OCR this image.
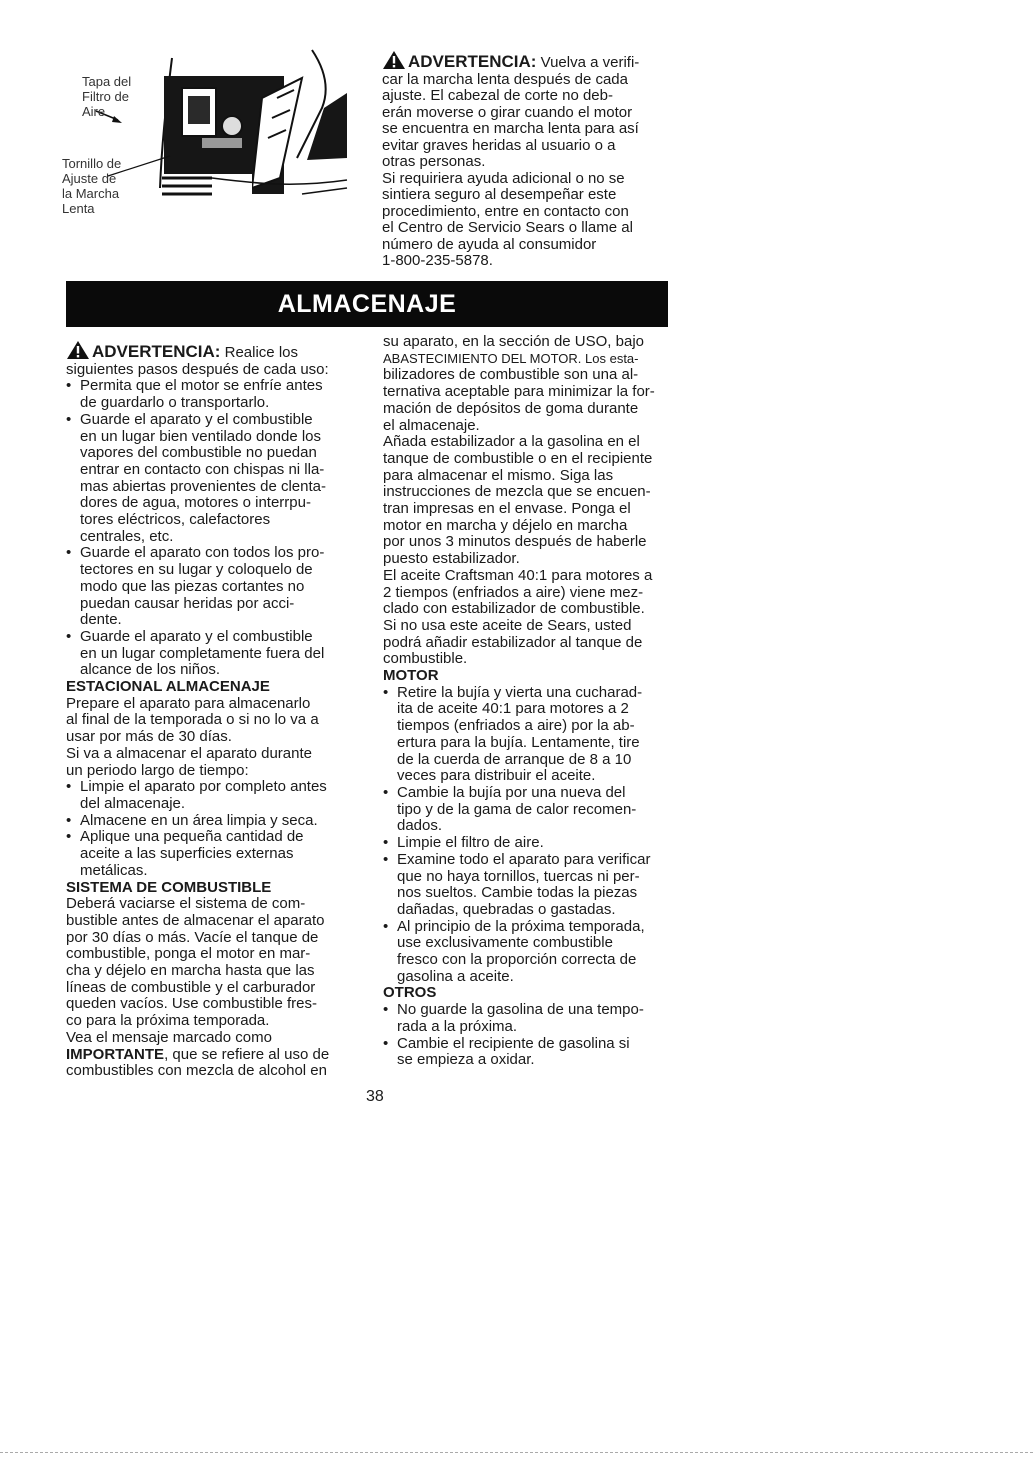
Tapa del
Filtro de
Aire
Tornillo de
Ajuste de
la Marcha
Lenta
ADVERTENCIA: Vuelva a verifi-
car la marcha lenta después de cada
ajuste. El cabezal de corte no deb-
erán moverse o girar cuando el motor
se encuentra en marcha lenta para así
evitar graves heridas al usuario o a
otras personas.
Si requiriera ayuda adicional o no se
sintiera seguro al desempeñar este
procedimiento, entre en contacto con
el Centro de Servicio Sears o llame al
número de ayuda al consumidor
1-800-235-5878.
ALMACENAJE

ADVERTENCIA: Realice los

siguientes pasos después de cada uso:

• Permita que el motor se enfríe antes
de guardarlo o transportarlo.
• Guarde el aparato y el combustible
en un lugar bien ventilado donde los
vapores del combustible no puedan
entrar en contacto con chispas ni lla-
mas abiertas provenientes de clenta-
dores de agua, motores o interrpu-
tores eléctricos, calefactores
centrales, etc.
• Guarde el aparato con todos los pro-
tectores en su lugar y coloquelo de
modo que las piezas cortantes no
puedan causar heridas por acci-
dente.
• Guarde el aparato y el combustible
en un lugar completamente fuera del
alcance de los niños.

ESTACIONAL ALMACENAJE

Prepare el aparato para almacenarlo

al final de la temporada o si no lo va a

usar por más de 30 días.

Si va a almacenar el aparato durante

un periodo largo de tiempo:

• Limpie el aparato por completo antes
del almacenaje.
• Almacene en un área limpia y seca.
• Aplique una pequeña cantidad de
aceite a las superficies externas
metálicas.

SISTEMA DE COMBUSTIBLE

Deberá vaciarse el sistema de com-

bustible antes de almacenar el aparato

por 30 días o más. Vacíe el tanque de

combustible, ponga el motor en mar-

cha y déjelo en marcha hasta que las

líneas de combustible y el carburador

queden vacíos. Use combustible fres-

co para la próxima temporada.

Vea el mensaje marcado como

IMPORTANTE, que se refiere al uso de

combustibles con mezcla de alcohol en

su aparato, en la sección de USO, bajo

ABASTECIMIENTO DEL MOTOR. Los esta-

bilizadores de combustible son una al-

ternativa aceptable para minimizar la for-

mación de depósitos de goma durante

el almacenaje.

Añada estabilizador a la gasolina en el

tanque de combustible o en el recipiente

para almacenar el mismo. Siga las

instrucciones de mezcla que se encuen-

tran impresas en el envase. Ponga el

motor en marcha y déjelo en marcha

por unos 3 minutos después de haberle

puesto estabilizador.

El aceite Craftsman 40:1 para motores a

2 tiempos (enfriados a aire) viene mez-

clado con estabilizador de combustible.

Si no usa este aceite de Sears, usted

podrá añadir estabilizador al tanque de

combustible.

MOTOR

• Retire la bujía y vierta una cucharad-
ita de aceite 40:1 para motores a 2
tiempos (enfriados a aire) por la ab-
ertura para la bujía. Lentamente, tire
de la cuerda de arranque de 8 a 10
veces para distribuir el aceite.
• Cambie la bujía por una nueva del
tipo y de la gama de calor recomen-
dados.
• Limpie el filtro de aire.
• Examine todo el aparato para verificar
que no haya tornillos, tuercas ni per-
nos sueltos. Cambie todas la piezas
dañadas, quebradas o gastadas.
• Al principio de la próxima temporada,
use exclusivamente combustible
fresco con la proporción correcta de
gasolina a aceite.

OTROS

• No guarde la gasolina de una tempo-
rada a la próxima.
• Cambie el recipiente de gasolina si
se empieza a oxidar.
38
